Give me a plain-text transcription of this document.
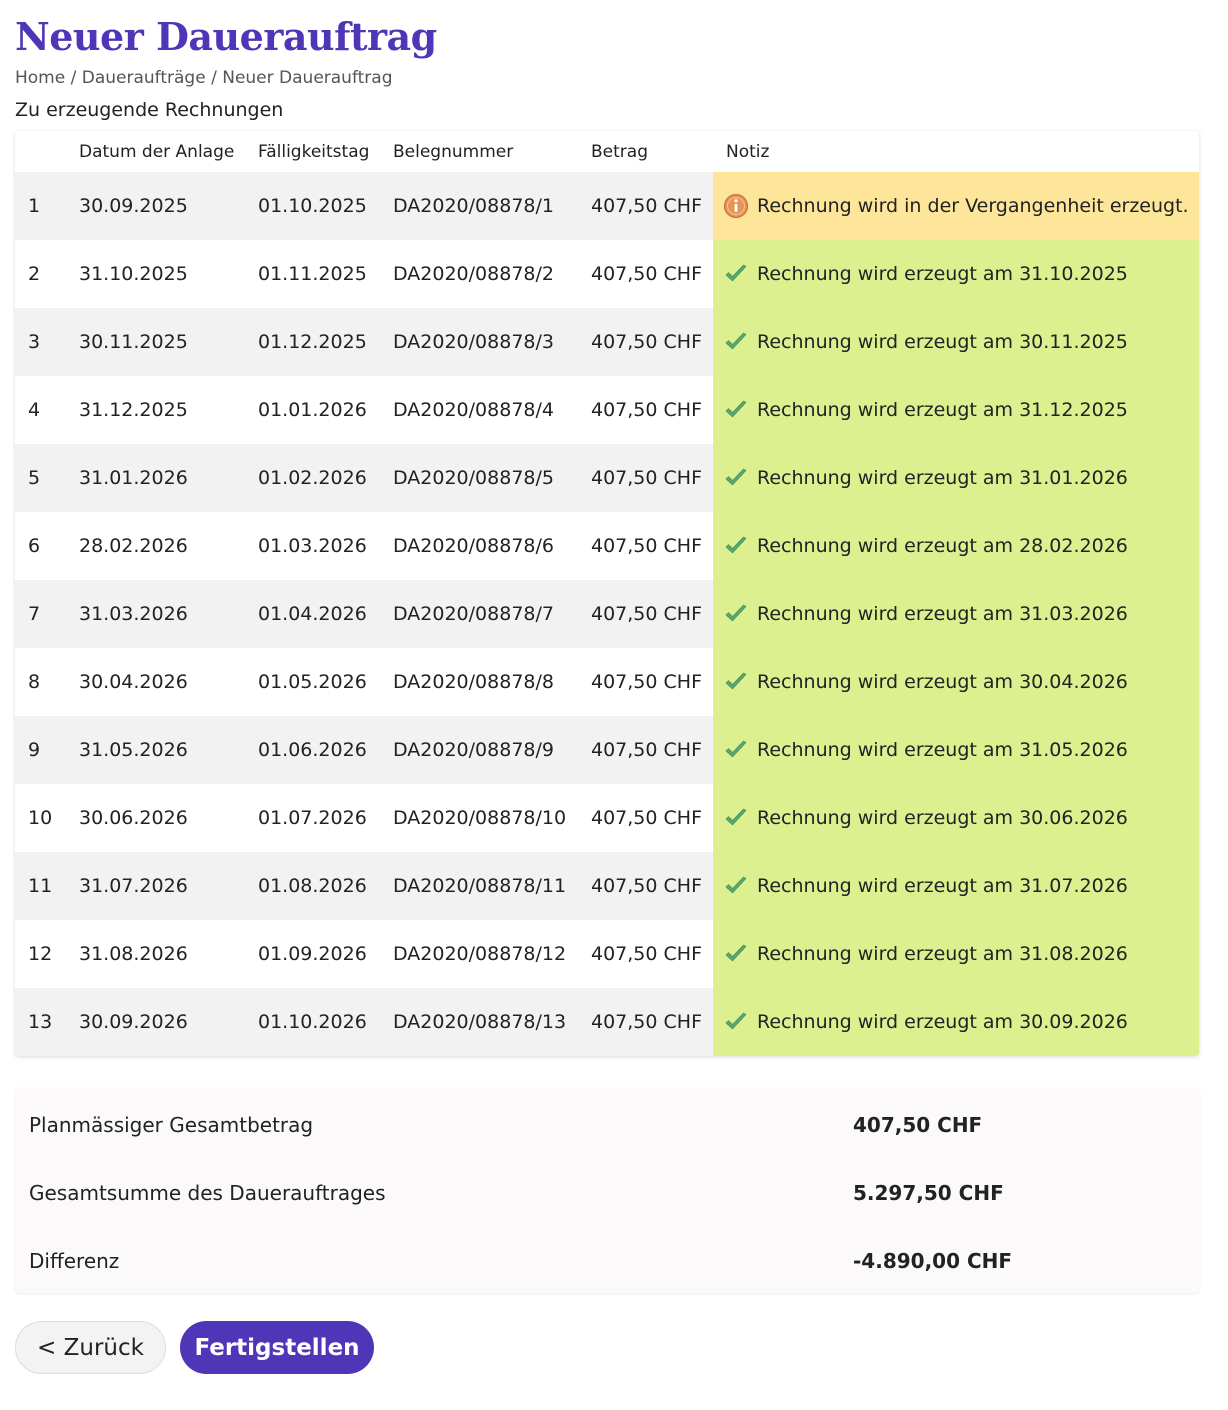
Neuer Dauerauftrag
Home / Daueraufträge / Neuer Dauerauftrag
Zu erzeugende Rechnungen
	Datum der Anlage	Fälligkeitstag	Belegnummer	Betrag	Notiz
1	30.09.2025	01.10.2025	DA2020/08878/1	407,50 CHF	Rechnung wird in der Vergangenheit erzeugt.

2	31.10.2025	01.11.2025	DA2020/08878/2	407,50 CHF	Rechnung wird erzeugt am 31.10.2025

3	30.11.2025	01.12.2025	DA2020/08878/3	407,50 CHF	Rechnung wird erzeugt am 30.11.2025

4	31.12.2025	01.01.2026	DA2020/08878/4	407,50 CHF	Rechnung wird erzeugt am 31.12.2025

5	31.01.2026	01.02.2026	DA2020/08878/5	407,50 CHF	Rechnung wird erzeugt am 31.01.2026

6	28.02.2026	01.03.2026	DA2020/08878/6	407,50 CHF	Rechnung wird erzeugt am 28.02.2026

7	31.03.2026	01.04.2026	DA2020/08878/7	407,50 CHF	Rechnung wird erzeugt am 31.03.2026

8	30.04.2026	01.05.2026	DA2020/08878/8	407,50 CHF	Rechnung wird erzeugt am 30.04.2026

9	31.05.2026	01.06.2026	DA2020/08878/9	407,50 CHF	Rechnung wird erzeugt am 31.05.2026

10	30.06.2026	01.07.2026	DA2020/08878/10	407,50 CHF	Rechnung wird erzeugt am 30.06.2026

11	31.07.2026	01.08.2026	DA2020/08878/11	407,50 CHF	Rechnung wird erzeugt am 31.07.2026

12	31.08.2026	01.09.2026	DA2020/08878/12	407,50 CHF	Rechnung wird erzeugt am 31.08.2026

13	30.09.2026	01.10.2026	DA2020/08878/13	407,50 CHF	Rechnung wird erzeugt am 30.09.2026
Planmässiger Gesamtbetrag	407,50 CHF
Gesamtsumme des Dauerauftrages	5.297,50 CHF
Differenz	-4.890,00 CHF
< Zurück	Fertigstellen
